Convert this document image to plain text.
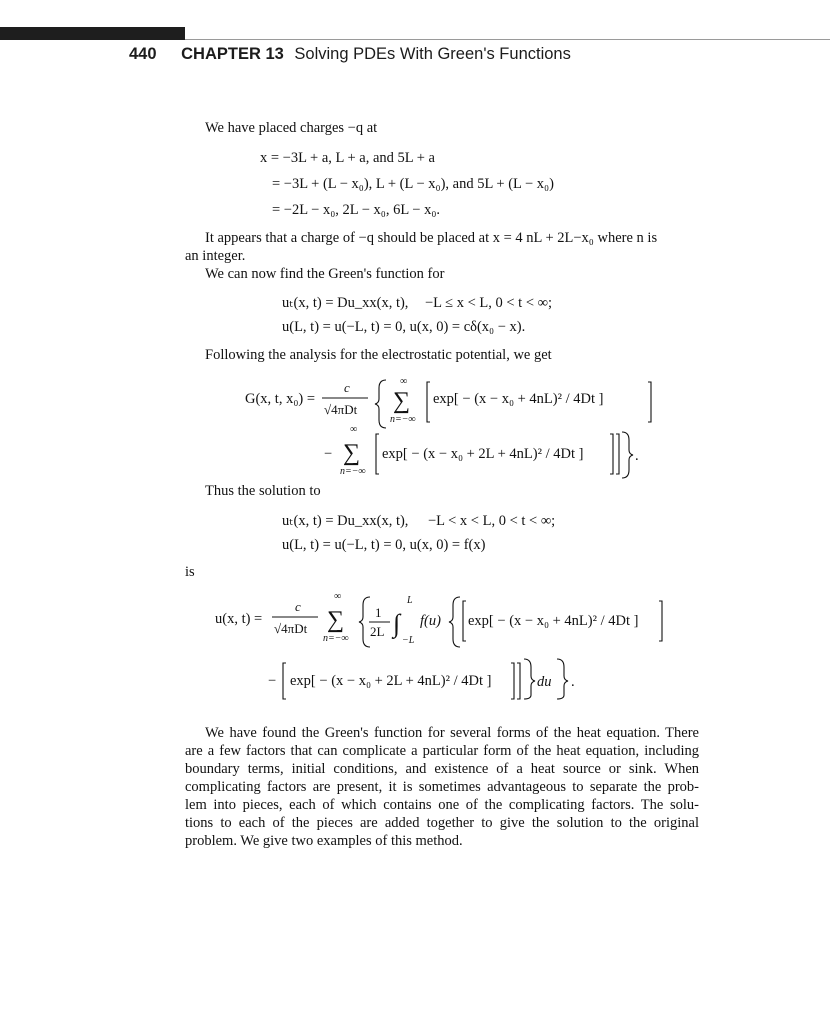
440 CHAPTER 13 Solving PDEs With Green's Functions
We have placed charges −q at
x = −3L + a, L + a, and 5L + a
= −3L + (L − x₀), L + (L − x₀), and 5L + (L − x₀)
= −2L − x₀, 2L − x₀, 6L − x₀.
It appears that a charge of −q should be placed at x = 4 nL + 2L−x₀ where n is
an integer.
We can now find the Green's function for
uₜ(x, t) = Du_xx(x, t), −L ≤ x < L, 0 < t < ∞;
u(L, t) = u(−L, t) = 0, u(x, 0) = cδ(x₀ − x).
Following the analysis for the electrostatic potential, we get
G(x, t, x₀) =
c
√4πDt
∞
∑
n=−∞
exp[ − (x − x₀ + 4nL)² / 4Dt ]
−
∞
∑
n=−∞
exp[ − (x − x₀ + 2L + 4nL)² / 4Dt ]	.
Thus the solution to
uₜ(x, t) = Du_xx(x, t), −L < x < L, 0 < t < ∞;
u(L, t) = u(−L, t) = 0, u(x, 0) = f(x)
is
u(x, t) =
c
√4πDt
∞
∑
n=−∞
1
2L ∫
L
−L
f(u) exp[ − (x − x₀ + 4nL)² / 4Dt ]
− exp[ − (x − x₀ + 2L + 4nL)² / 4Dt ]	du .
We have found the Green's function for several forms of the heat equation. There
are a few factors that can complicate a particular form of the heat equation, including
boundary terms, initial conditions, and existence of a heat source or sink. When
complicating factors are present, it is sometimes advantageous to separate the prob-
lem into pieces, each of which contains one of the complicating factors. The solu-
tions to each of the pieces are added together to give the solution to the original
problem. We give two examples of this method.
